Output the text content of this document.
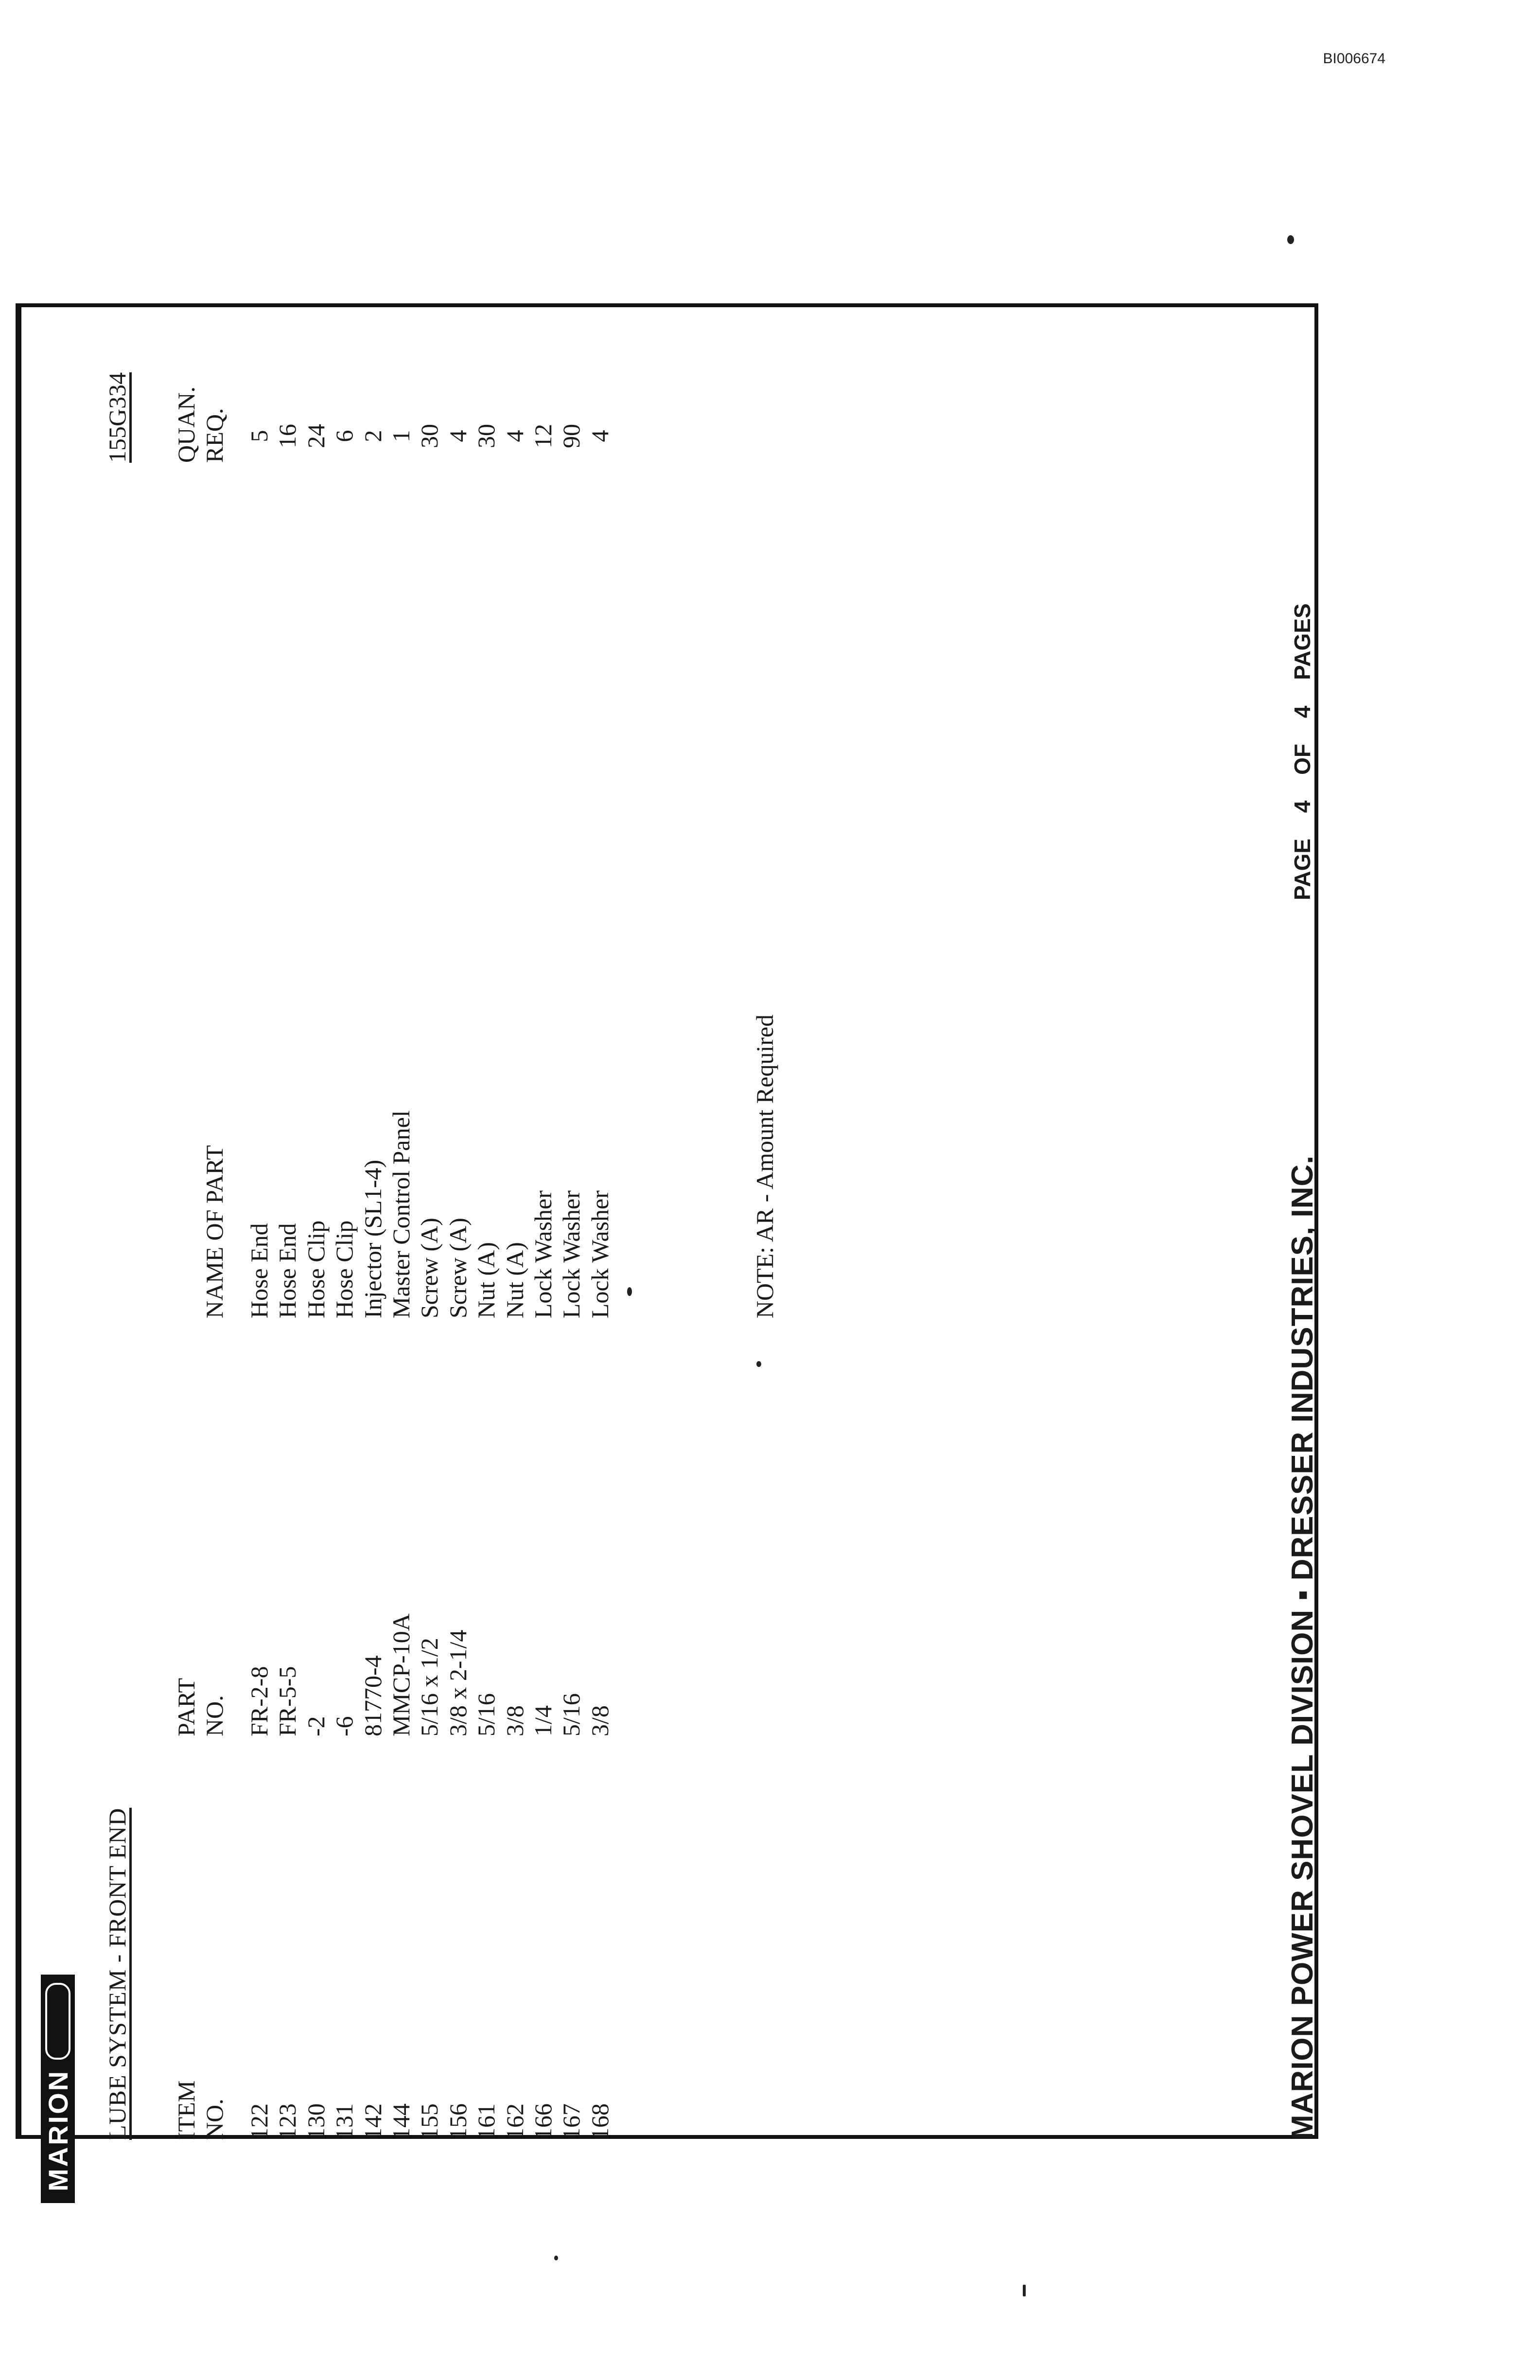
BI006674
MARION LUBE SYSTEM - FRONT END
155G334
ITEM NO.
PART NO.
NAME OF PART
QUAN. REQ.
122 123 130 131 142 144 155 156 161 162 166 167 168
FR-2-8 FR-5-5 -2 -6 81770-4 MMCP-10A 5/16 x 1/2 3/8 x 2-1/4 5/16 3/8 1/4 5/16 3/8
Hose End Hose End Hose Clip Hose Clip Injector (SL1-4) Master Control Panel Screw (A) Screw (A) Nut (A) Nut (A) Lock Washer Lock Washer Lock Washer
5 16 24 6 2 1 30 4 30 4 12 90 4
NOTE: AR - Amount Required	MARION POWER SHOVEL DIVISION ▪ DRESSER INDUSTRIES, INC.
PAGE 4 OF 4 PAGES
